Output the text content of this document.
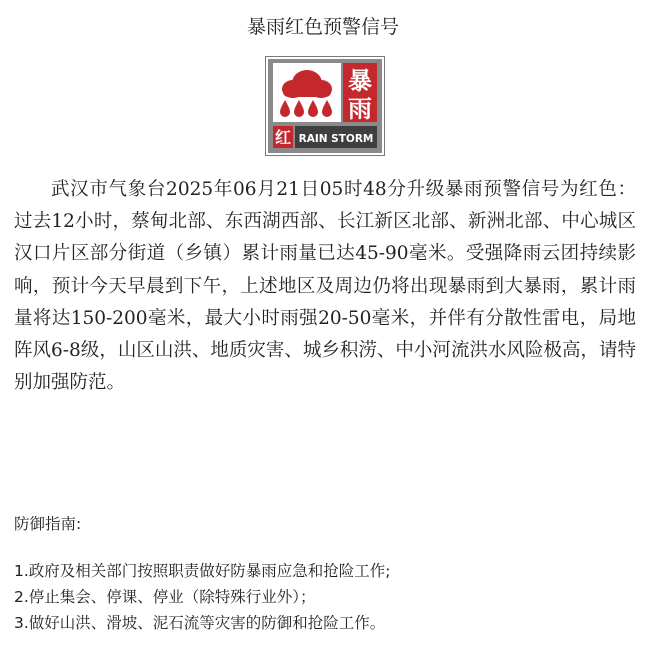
暴雨红色预警信号
暴
雨
红 RAIN STORM

武汉市气象台2025年06月21日05时48分升级暴雨预警信号为红色：过去12小时，蔡甸北部、东西湖西部、长江新区北部、新洲北部、中心城区汉口片区部分街道（乡镇）累计雨量已达45-90毫米。受强降雨云团持续影响，预计今天早晨到下午，上述地区及周边仍将出现暴雨到大暴雨，累计雨量将达150-200毫米，最大小时雨强20-50毫米，并伴有分散性雷电，局地阵风6-8级，山区山洪、地质灾害、城乡积涝、中小河流洪水风险极高，请特别加强防范。

防御指南:
1.政府及相关部门按照职责做好防暴雨应急和抢险工作;
2.停止集会、停课、停业（除特殊行业外）；
3.做好山洪、滑坡、泥石流等灾害的防御和抢险工作。
